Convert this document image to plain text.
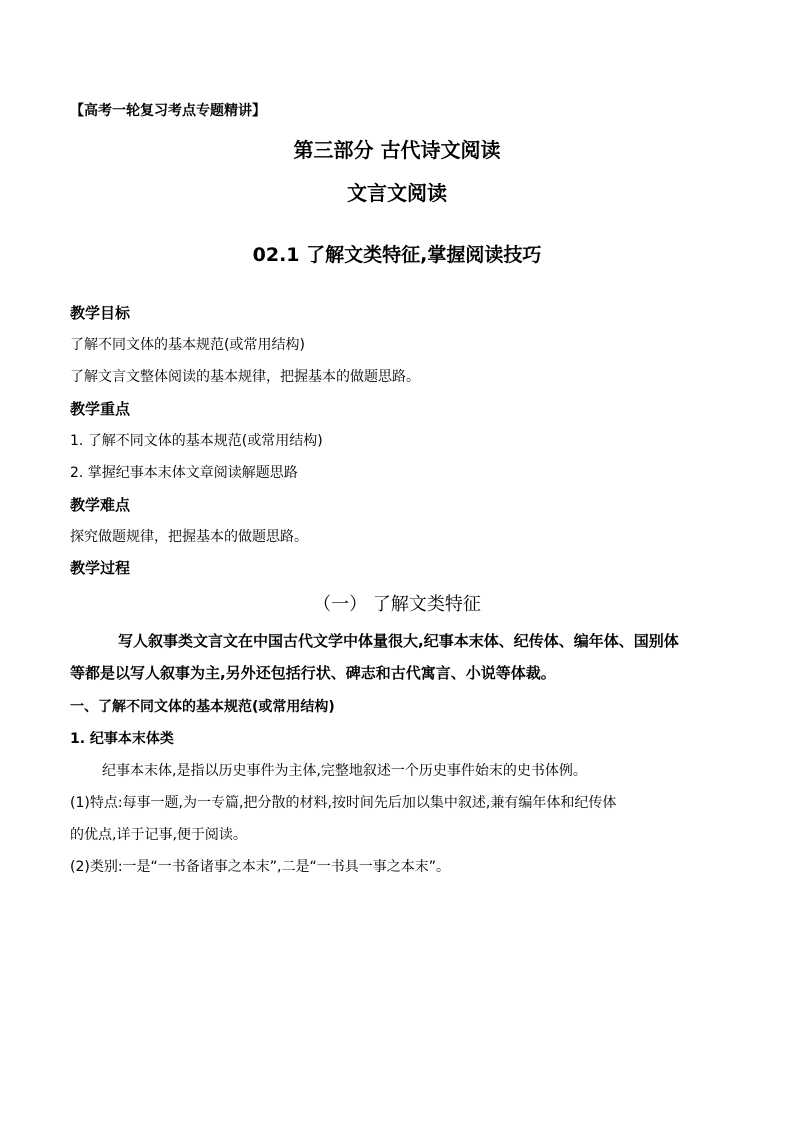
【高考一轮复习考点专题精讲】
第三部分 古代诗文阅读
文言文阅读
02.1 了解文类特征,掌握阅读技巧
教学目标
了解不同文体的基本规范(或常用结构)
了解文言文整体阅读的基本规律，把握基本的做题思路。
教学重点
1. 了解不同文体的基本规范(或常用结构)
2. 掌握纪事本末体文章阅读解题思路
教学难点
探究做题规律，把握基本的做题思路。
教学过程
（一） 了解文类特征
写人叙事类文言文在中国古代文学中体量很大,纪事本末体、纪传体、编年体、国别体
等都是以写人叙事为主,另外还包括行状、碑志和古代寓言、小说等体裁。
一、了解不同文体的基本规范(或常用结构)
1. 纪事本末体类
纪事本末体,是指以历史事件为主体,完整地叙述一个历史事件始末的史书体例。
(1)特点:每事一题,为一专篇,把分散的材料,按时间先后加以集中叙述,兼有编年体和纪传体
的优点,详于记事,便于阅读。
(2)类别:一是“一书备诸事之本末”,二是“一书具一事之本末”。
